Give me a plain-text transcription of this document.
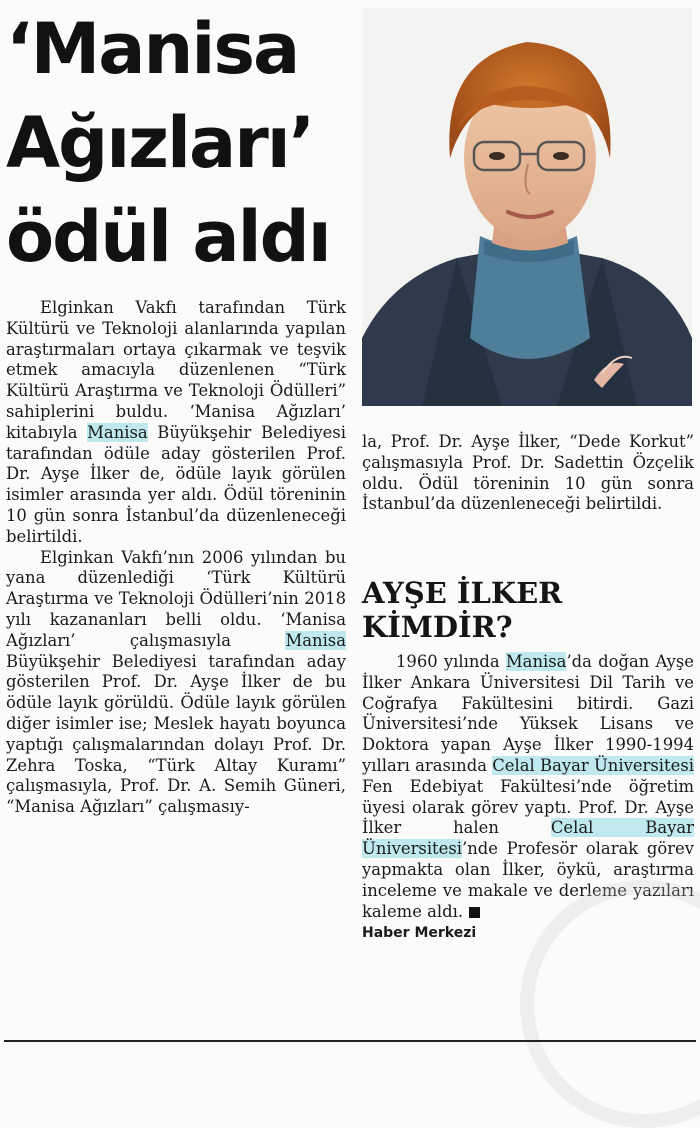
‘Manisa
Ağızları’
ödül aldı

Elginkan Vakfı tarafından Türk Kültürü ve Teknoloji alanlarında yapılan araştırmaları ortaya çıkarmak ve teşvik etmek amacıyla düzenlenen “Türk Kültürü Araştırma ve Teknoloji Ödülleri” sahiplerini buldu. ‘Manisa Ağızları’ kitabıyla Manisa Büyükşehir Belediyesi tarafından ödüle aday gösterilen Prof. Dr. Ayşe İlker de, ödüle layık görülen isimler arasında yer aldı. Ödül töreninin 10 gün sonra İstanbul’da düzenleneceği belirtildi.

Elginkan Vakfı’nın 2006 yılından bu yana düzenlediği ‘Türk Kültürü Araştırma ve Teknoloji Ödülleri’nin 2018 yılı kazananları belli oldu. ‘Manisa Ağızları’ çalışmasıyla	Manisa Büyükşehir Belediyesi tarafından aday gösterilen Prof. Dr. Ayşe İlker de bu ödüle layık görüldü. Ödüle layık görülen diğer isimler ise; Meslek hayatı boyunca yaptığı çalışmalarından dolayı Prof. Dr. Zehra Toska, “Türk Altay Kuramı” çalışmasıyla, Prof. Dr. A. Semih Güneri, “Manisa Ağızları” çalışmasıy-

la, Prof. Dr. Ayşe İlker, “Dede Korkut” çalışmasıyla Prof. Dr. Sadettin Özçelik oldu. Ödül töreninin 10 gün sonra İstanbul’da düzenleneceği belirtildi.

AYŞE İLKER
KİMDİR?

1960 yılında Manisa’da doğan Ayşe İlker Ankara Üniversitesi Dil Tarih ve Coğrafya Fakültesini bitirdi. Gazi Üniversitesi’nde Yüksek Lisans ve Doktora yapan Ayşe İlker 1990-1994 yılları arasında Celal Bayar Üniversitesi Fen Edebiyat Fakültesi’nde öğretim üyesi olarak görev yaptı. Prof. Dr. Ayşe İlker halen	Celal Bayar Üniversitesi’nde Profesör olarak görev yapmakta olan İlker, öykü, araştırma inceleme ve makale ve derleme yazıları kaleme aldı.

Haber Merkezi
